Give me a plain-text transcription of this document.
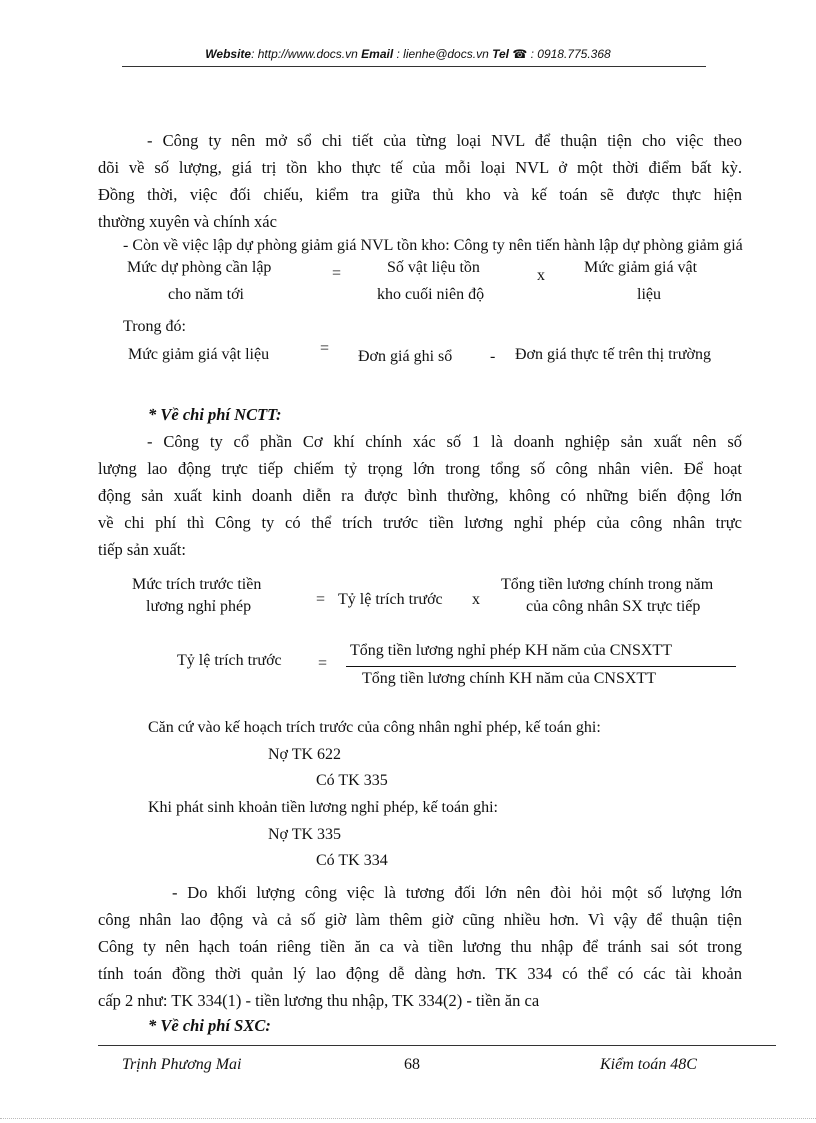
Website: http://www.docs.vn Email : lienhe@docs.vn Tel ☎ : 0918.775.368
- Công ty nên mở sổ chi tiết của từng loại NVL để thuận tiện cho việc theo
dõi về số lượng, giá trị tồn kho thực tế của mỗi loại NVL ở một thời điểm bất kỳ.
Đồng thời, việc đối chiếu, kiểm tra giữa thủ kho và kế toán sẽ được thực hiện
thường xuyên và chính xác
- Còn về việc lập dự phòng giảm giá NVL tồn kho: Công ty nên tiến hành lập dự phòng giảm giá
Mức dự phòng cần lập
cho năm tới
=	Số vật liệu tồn
kho cuối niên độ
x Mức giảm giá vật
liệu
Trong đó:
Mức giảm giá vật liệu	= Đơn giá ghi sổ - Đơn giá thực tế trên thị trường
* Về chi phí NCTT:
- Công ty cổ phần Cơ khí chính xác số 1 là doanh nghiệp sản xuất nên số
lượng lao động trực tiếp chiếm tỷ trọng lớn trong tổng số công nhân viên. Để hoạt
động sản xuất kinh doanh diễn ra được bình thường, không có những biến động lớn
về chi phí thì Công ty có thể trích trước tiền lương nghỉ phép của công nhân trực
tiếp sản xuất:
Mức trích trước tiền
lương nghỉ phép	= Tỷ lệ trích trước x
Tổng tiền lương chính trong năm
của công nhân SX trực tiếp
Tỷ lệ trích trước =
Tổng tiền lương nghỉ phép KH năm của CNSXTT
Tổng tiền lương chính KH năm của CNSXTT
Căn cứ vào kế hoạch trích trước của công nhân nghỉ phép, kế toán ghi:
Nợ TK 622
Có TK 335
Khi phát sinh khoản tiền lương nghỉ phép, kế toán ghi:
Nợ TK 335
Có TK 334
- Do khối lượng công việc là tương đối lớn nên đòi hỏi một số lượng lớn
công nhân lao động và cả số giờ làm thêm giờ cũng nhiều hơn. Vì vậy để thuận tiện
Công ty nên hạch toán riêng tiền ăn ca và tiền lương thu nhập để tránh sai sót trong
tính toán đồng thời quản lý lao động dễ dàng hơn. TK 334 có thể có các tài khoản
cấp 2 như: TK 334(1) - tiền lương thu nhập, TK 334(2) - tiền ăn ca
* Về chi phí SXC:
Trịnh Phương Mai	68	Kiểm toán 48C
